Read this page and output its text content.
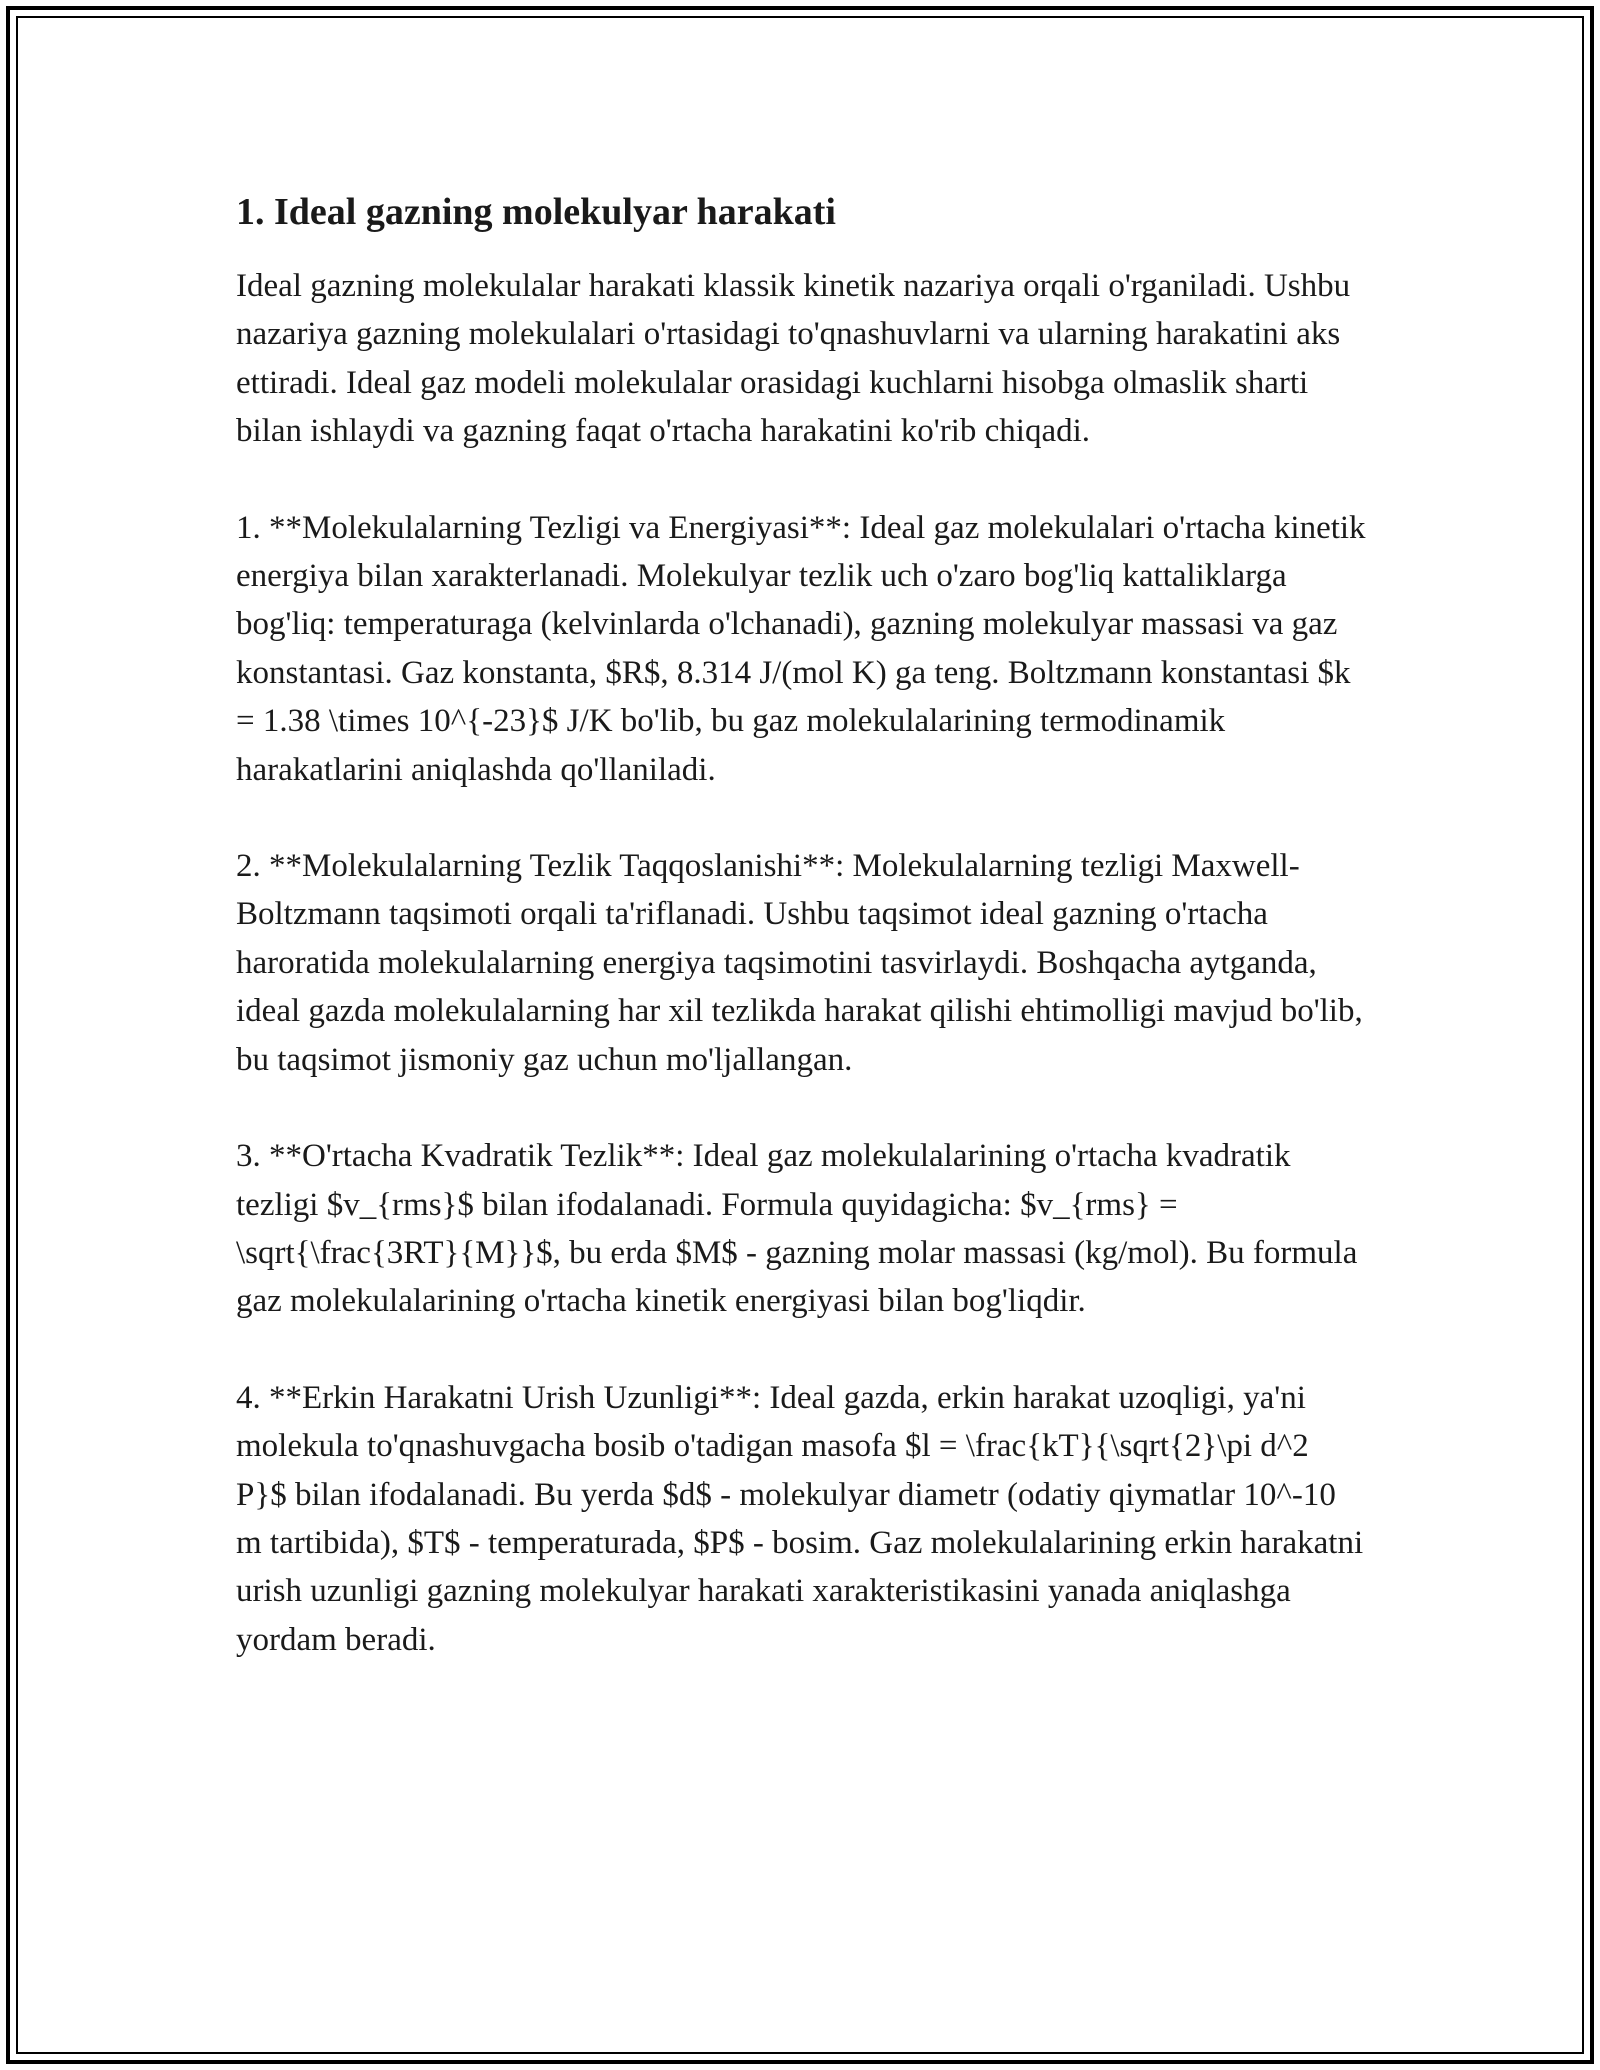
1. Ideal gazning molekulyar harakati

Ideal gazning molekulalar harakati klassik kinetik nazariya orqali o'rganiladi. Ushbu nazariya gazning molekulalari o'rtasidagi to'qnashuvlarni va ularning harakatini aks ettiradi. Ideal gaz modeli molekulalar orasidagi kuchlarni hisobga olmaslik sharti bilan ishlaydi va gazning faqat o'rtacha harakatini ko'rib chiqadi.

1. **Molekulalarning Tezligi va Energiyasi**: Ideal gaz molekulalari o'rtacha kinetik energiya bilan xarakterlanadi. Molekulyar tezlik uch o'zaro bog'liq kattaliklarga bog'liq: temperaturaga (kelvinlarda o'lchanadi), gazning molekulyar massasi va gaz konstantasi. Gaz konstanta, $R$, 8.314 J/(mol K) ga teng. Boltzmann konstantasi $k = 1.38 \times 10^{-23}$ J/K bo'lib, bu gaz molekulalarining termodinamik harakatlarini aniqlashda qo'llaniladi.

2. **Molekulalarning Tezlik Taqqoslanishi**: Molekulalarning tezligi Maxwell-Boltzmann taqsimoti orqali ta'riflanadi. Ushbu taqsimot ideal gazning o'rtacha haroratida molekulalarning energiya taqsimotini tasvirlaydi. Boshqacha aytganda, ideal gazda molekulalarning har xil tezlikda harakat qilishi ehtimolligi mavjud bo'lib, bu taqsimot jismoniy gaz uchun mo'ljallangan.

3. **O'rtacha Kvadratik Tezlik**: Ideal gaz molekulalarining o'rtacha kvadratik tezligi $v_{rms}$ bilan ifodalanadi. Formula quyidagicha: $v_{rms} = \sqrt{\frac{3RT}{M}}$, bu erda $M$ - gazning molar massasi (kg/mol). Bu formula gaz molekulalarining o'rtacha kinetik energiyasi bilan bog'liqdir.

4. **Erkin Harakatni Urish Uzunligi**: Ideal gazda, erkin harakat uzoqligi, ya'ni molekula to'qnashuvgacha bosib o'tadigan masofa $l = \frac{kT}{\sqrt{2}\pi d^2 P}$ bilan ifodalanadi. Bu yerda $d$ - molekulyar diametr (odatiy qiymatlar 10^-10 m tartibida), $T$ - temperaturada, $P$ - bosim. Gaz molekulalarining erkin harakatni urish uzunligi gazning molekulyar harakati xarakteristikasini yanada aniqlashga yordam beradi.
